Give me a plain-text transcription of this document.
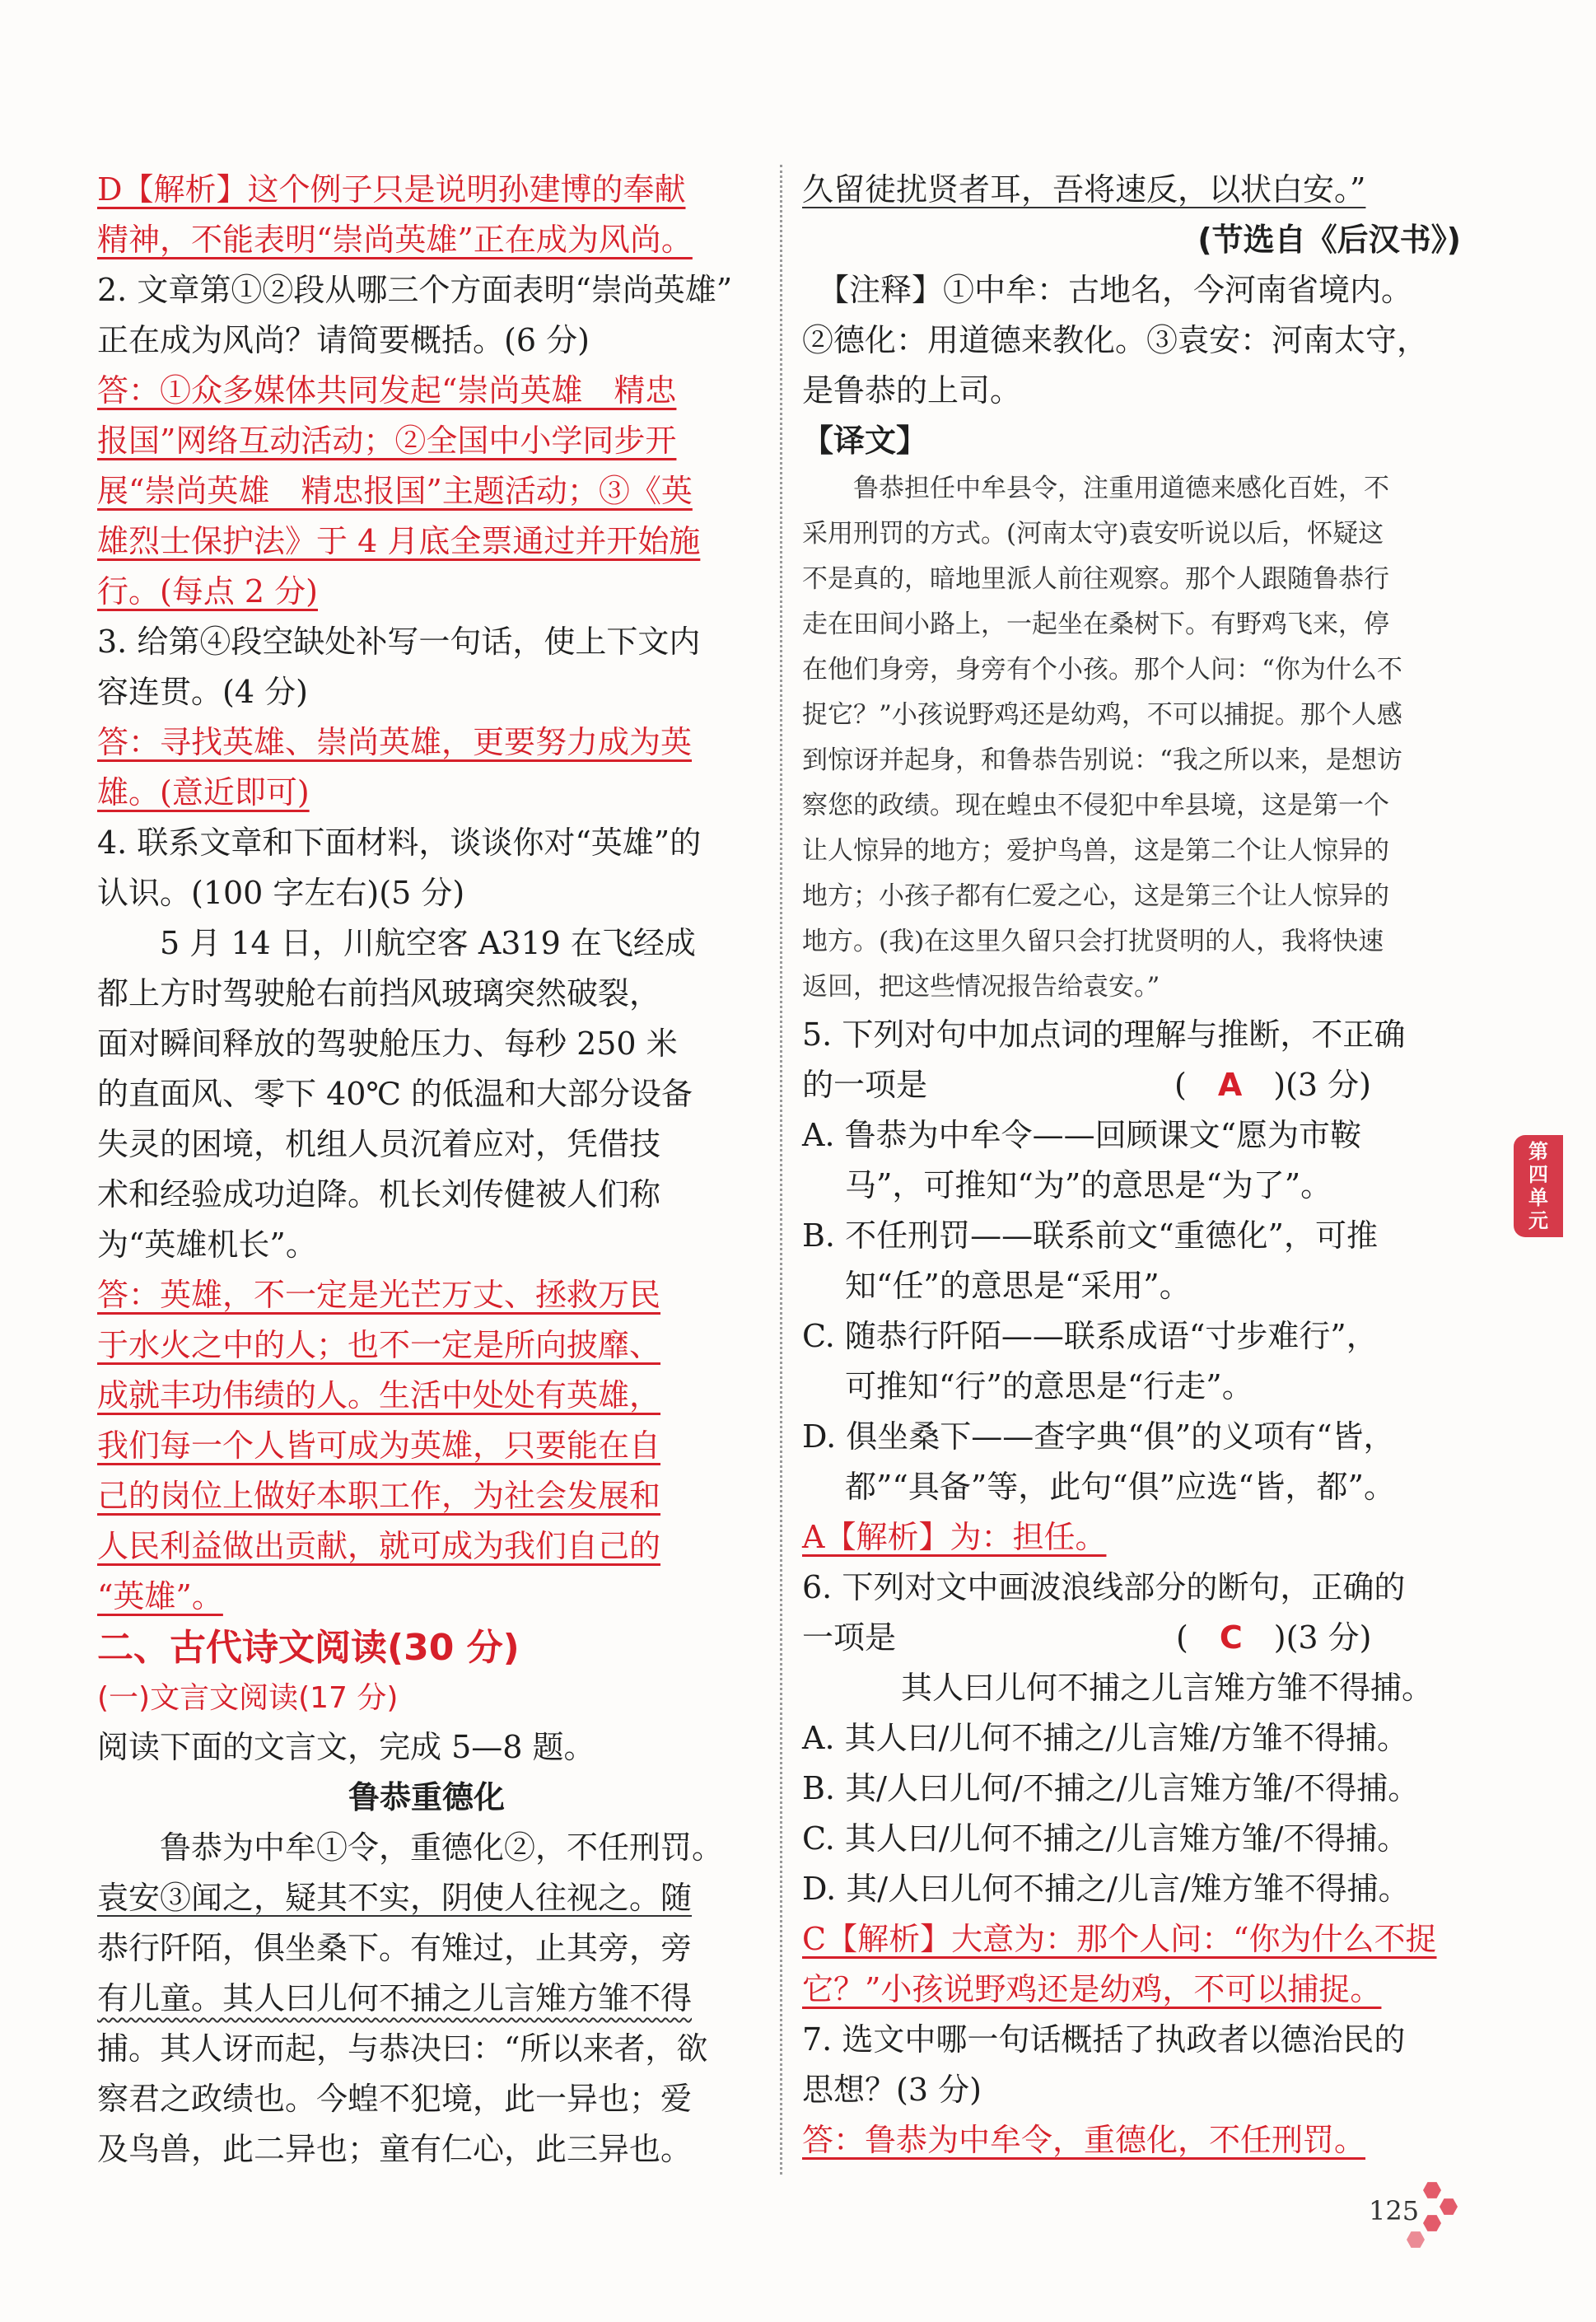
D【解析】这个例子只是说明孙建博的奉献
精神，不能表明“崇尚英雄”正在成为风尚。
2. 文章第①②段从哪三个方面表明“崇尚英雄”
正在成为风尚？请简要概括。(6 分)
答：①众多媒体共同发起“崇尚英雄　精忠
报国”网络互动活动；②全国中小学同步开
展“崇尚英雄　精忠报国”主题活动；③《英
雄烈士保护法》于 4 月底全票通过并开始施
行。(每点 2 分)
3. 给第④段空缺处补写一句话，使上下文内
容连贯。(4 分)
答：寻找英雄、崇尚英雄，更要努力成为英
雄。(意近即可)
4. 联系文章和下面材料，谈谈你对“英雄”的
认识。(100 字左右)(5 分)
　　5 月 14 日，川航空客 A319 在飞经成
都上方时驾驶舱右前挡风玻璃突然破裂，
面对瞬间释放的驾驶舱压力、每秒 250 米
的直面风、零下 40℃ 的低温和大部分设备
失灵的困境，机组人员沉着应对，凭借技
术和经验成功迫降。机长刘传健被人们称
为“英雄机长”。
答：英雄，不一定是光芒万丈、拯救万民
于水火之中的人；也不一定是所向披靡、
成就丰功伟绩的人。生活中处处有英雄，
我们每一个人皆可成为英雄，只要能在自
己的岗位上做好本职工作，为社会发展和
人民利益做出贡献，就可成为我们自己的
“英雄”。
二、古代诗文阅读(30 分)
(一)文言文阅读(17 分)
阅读下面的文言文，完成 5—8 题。
鲁恭重德化
　　鲁恭为中牟①令，重德化②，不任刑罚。
袁安③闻之，疑其不实，阴使人往视之。随
恭行阡陌，俱坐桑下。有雉过，止其旁，旁
有儿童。其人曰儿何不捕之儿言雉方雏不得
捕。其人讶而起，与恭决曰：“所以来者，欲
察君之政绩也。今蝗不犯境，此一异也；爱
及鸟兽，此二异也；童有仁心，此三异也。
久留徒扰贤者耳，吾将速反，以状白安。”
(节选自《后汉书》)
　【注释】①中牟：古地名，今河南省境内。
②德化：用道德来教化。③袁安：河南太守，
是鲁恭的上司。
【译文】
　　鲁恭担任中牟县令，注重用道德来感化百姓，不
采用刑罚的方式。(河南太守)袁安听说以后，怀疑这
不是真的，暗地里派人前往观察。那个人跟随鲁恭行
走在田间小路上，一起坐在桑树下。有野鸡飞来，停
在他们身旁，身旁有个小孩。那个人问：“你为什么不
捉它？”小孩说野鸡还是幼鸡，不可以捕捉。那个人感
到惊讶并起身，和鲁恭告别说：“我之所以来，是想访
察您的政绩。现在蝗虫不侵犯中牟县境，这是第一个
让人惊异的地方；爱护鸟兽，这是第二个让人惊异的
地方；小孩子都有仁爱之心，这是第三个让人惊异的
地方。(我)在这里久留只会打扰贤明的人，我将快速
返回，把这些情况报告给袁安。”
5. 下列对句中加点词的理解与推断，不正确
的一项是	(　A　)(3 分)
A. 鲁恭为中牟令——回顾课文“愿为市鞍
马”，可推知“为”的意思是“为了”。
B. 不任刑罚——联系前文“重德化”，可推
知“任”的意思是“采用”。
C. 随恭行阡陌——联系成语“寸步难行”，
可推知“行”的意思是“行走”。
D. 俱坐桑下——查字典“俱”的义项有“皆，
都”“具备”等，此句“俱”应选“皆，都”。
A【解析】为：担任。
6. 下列对文中画波浪线部分的断句，正确的
一项是	(　C　)(3 分)
其人曰儿何不捕之儿言雉方雏不得捕。
A. 其人曰/儿何不捕之/儿言雉/方雏不得捕。
B. 其/人曰儿何/不捕之/儿言雉方雏/不得捕。
C. 其人曰/儿何不捕之/儿言雉方雏/不得捕。
D. 其/人曰儿何不捕之/儿言/雉方雏不得捕。
C【解析】大意为：那个人问：“你为什么不捉
它？”小孩说野鸡还是幼鸡，不可以捕捉。
7. 选文中哪一句话概括了执政者以德治民的
思想？(3 分)
答：鲁恭为中牟令，重德化，不任刑罚。
第
四
单
元
125
